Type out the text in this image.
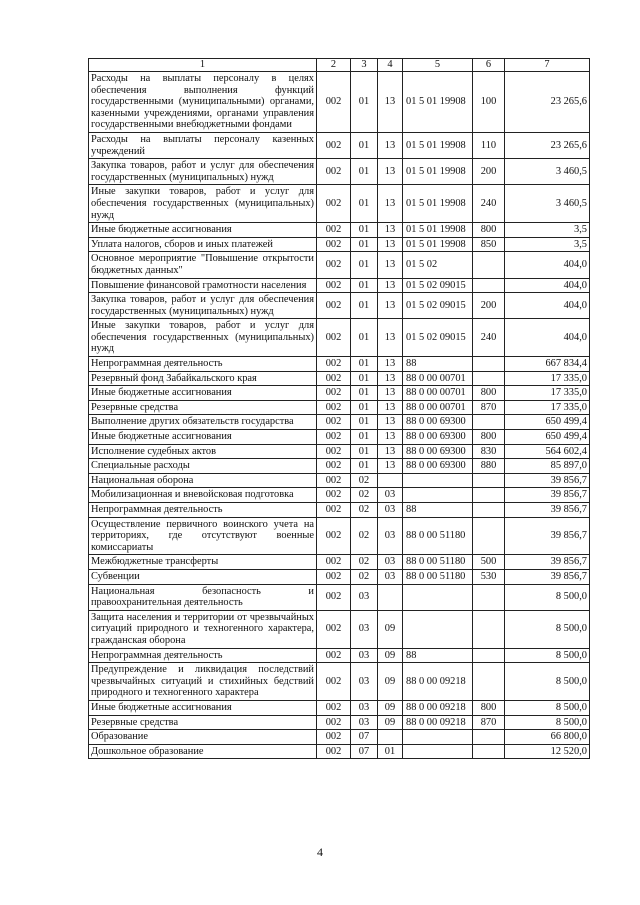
1	2	3	4	5	6	7
Расходы на выплаты персоналу в целях обеспечения выполнения функций государственными (муниципальными) органами, казенными учреждениями, органами управления государственными внебюджетными фондами	002	01	13	01 5 01 19908	100	23 265,6
Расходы на выплаты персоналу казенных учреждений	002	01	13	01 5 01 19908	110	23 265,6
Закупка товаров, работ и услуг для обеспечения государственных (муниципальных) нужд	002	01	13	01 5 01 19908	200	3 460,5
Иные закупки товаров, работ и услуг для обеспечения государственных (муниципальных) нужд	002	01	13	01 5 01 19908	240	3 460,5
Иные бюджетные ассигнования	002	01	13	01 5 01 19908	800	3,5
Уплата налогов, сборов и иных платежей	002	01	13	01 5 01 19908	850	3,5
Основное мероприятие "Повышение открытости бюджетных данных"	002	01	13	01 5 02		404,0
Повышение финансовой грамотности населения	002	01	13	01 5 02 09015		404,0
Закупка товаров, работ и услуг для обеспечения государственных (муниципальных) нужд	002	01	13	01 5 02 09015	200	404,0
Иные закупки товаров, работ и услуг для обеспечения государственных (муниципальных) нужд	002	01	13	01 5 02 09015	240	404,0
Непрограммная деятельность	002	01	13	88		667 834,4
Резервный фонд Забайкальского края	002	01	13	88 0 00 00701		17 335,0
Иные бюджетные ассигнования	002	01	13	88 0 00 00701	800	17 335,0
Резервные средства	002	01	13	88 0 00 00701	870	17 335,0
Выполнение других обязательств государства	002	01	13	88 0 00 69300		650 499,4
Иные бюджетные ассигнования	002	01	13	88 0 00 69300	800	650 499,4
Исполнение судебных актов	002	01	13	88 0 00 69300	830	564 602,4
Специальные расходы	002	01	13	88 0 00 69300	880	85 897,0
Национальная оборона	002	02				39 856,7
Мобилизационная и вневойсковая подготовка	002	02	03			39 856,7
Непрограммная деятельность	002	02	03	88		39 856,7
Осуществление первичного воинского учета на территориях, где отсутствуют военные комиссариаты	002	02	03	88 0 00 51180		39 856,7
Межбюджетные трансферты	002	02	03	88 0 00 51180	500	39 856,7
Субвенции	002	02	03	88 0 00 51180	530	39 856,7
Национальная безопасность и правоохранительная деятельность	002	03				8 500,0
Защита населения и территории от чрезвычайных ситуаций природного и техногенного характера, гражданская оборона	002	03	09			8 500,0
Непрограммная деятельность	002	03	09	88		8 500,0
Предупреждение и ликвидация последствий чрезвычайных ситуаций и стихийных бедствий природного и техногенного характера	002	03	09	88 0 00 09218		8 500,0
Иные бюджетные ассигнования	002	03	09	88 0 00 09218	800	8 500,0
Резервные средства	002	03	09	88 0 00 09218	870	8 500,0
Образование	002	07				66 800,0
Дошкольное образование	002	07	01			12 520,0
4
